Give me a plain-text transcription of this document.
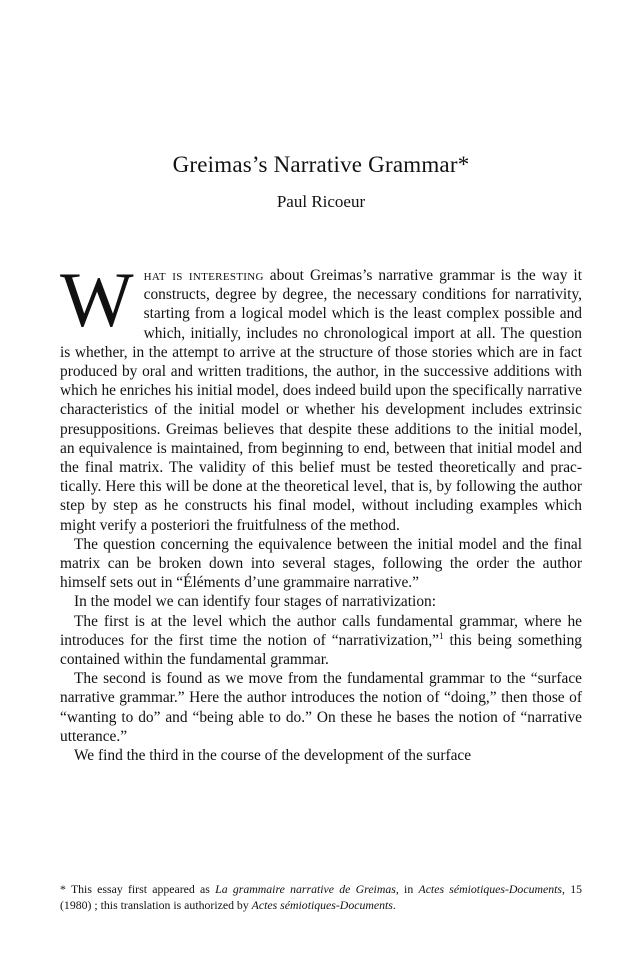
Greimas’s Narrative Grammar*
Paul Ricoeur

What is interesting about Greimas’s narrative grammar is the way it constructs, degree by degree, the necessary conditions for narrativity, starting from a logical model which is the least complex possible and which, initially, includes no chronological import at all. The question is whether, in the attempt to arrive at the structure of those stories which are in fact produced by oral and written traditions, the author, in the successive additions with which he enriches his initial model, does indeed build upon the specifically narrative characteristics of the initial model or whether his development includes extrinsic presuppositions. Greimas believes that despite these additions to the initial model, an equivalence is maintained, from beginning to end, between that initial model and the final matrix. The validity of this belief must be tested theoretically and practically. Here this will be done at the theoretical level, that is, by following the author step by step as he constructs his final model, without including examples which might verify a posteriori the fruitfulness of the method.

The question concerning the equivalence between the initial model and the final matrix can be broken down into several stages, following the order the author himself sets out in “Éléments d’une grammaire narrative.”

In the model we can identify four stages of narrativization:

The first is at the level which the author calls fundamental grammar, where he introduces for the first time the notion of “narrativization,”$^1$ this being something contained within the fundamental grammar.

The second is found as we move from the fundamental grammar to the “surface narrative grammar.” Here the author introduces the notion of “doing,” then those of “wanting to do” and “being able to do.” On these he bases the notion of “narrative utterance.”

We find the third in the course of the development of the surface

* This essay first appeared as La grammaire narrative de Greimas, in Actes sémiotiques-Documents, 15 (1980) ; this translation is authorized by Actes sémiotiques-Documents.
